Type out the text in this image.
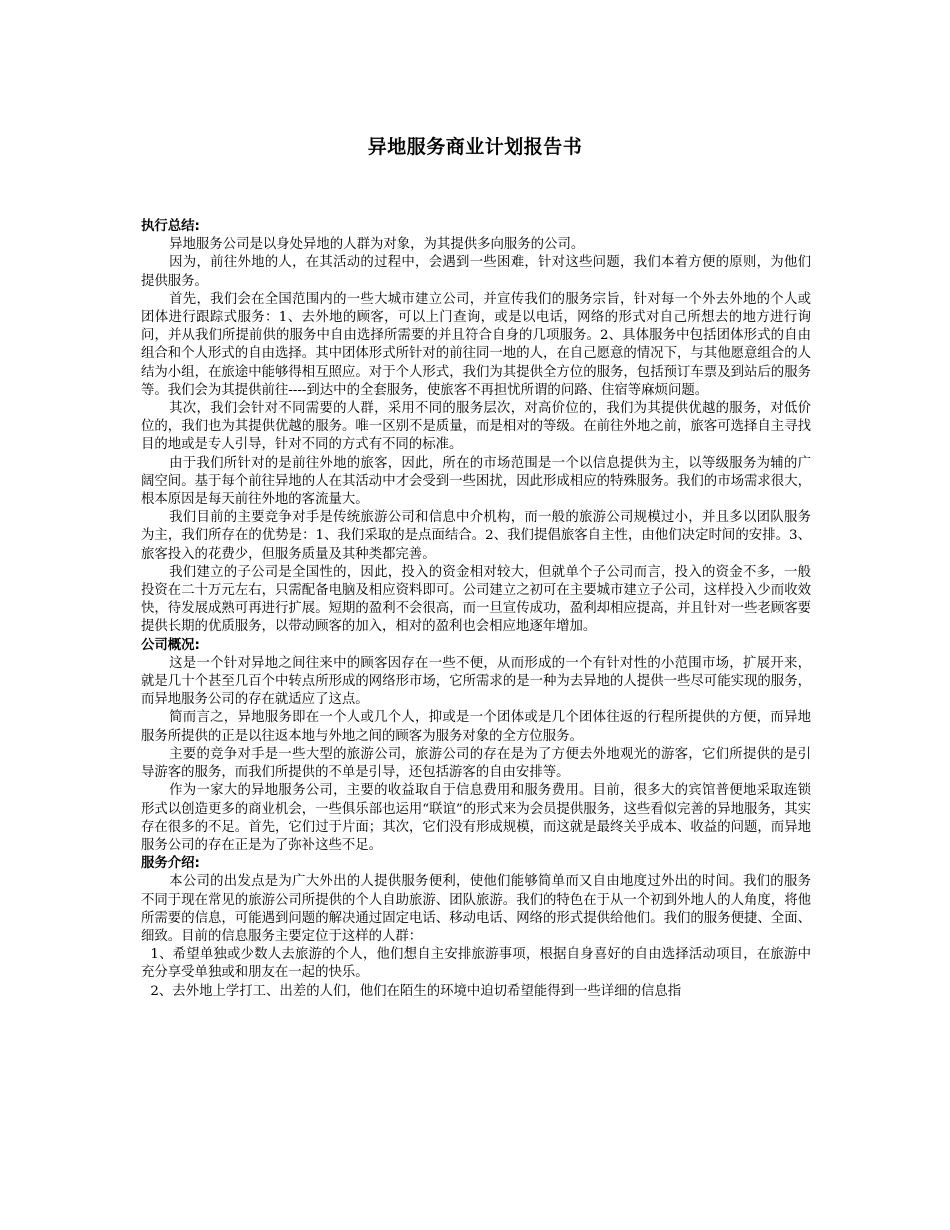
异地服务商业计划报告书

执行总结:

异地服务公司是以身处异地的人群为对象，为其提供多向服务的公司。

因为，前往外地的人，在其活动的过程中，会遇到一些困难，针对这些问题，我们本着方便的原则，为他们提供服务。

首先，我们会在全国范围内的一些大城市建立公司，并宣传我们的服务宗旨，针对每一个外去外地的个人或团体进行跟踪式服务：1、去外地的顾客，可以上门查询，或是以电话，网络的形式对自己所想去的地方进行询问，并从我们所提前供的服务中自由选择所需要的并且符合自身的几项服务。2、具体服务中包括团体形式的自由组合和个人形式的自由选择。其中团体形式所针对的前往同一地的人，在自己愿意的情况下，与其他愿意组合的人结为小组，在旅途中能够得相互照应。对于个人形式，我们为其提供全方位的服务，包括预订车票及到站后的服务等。我们会为其提供前往----到达中的全套服务，使旅客不再担忧所谓的问路、住宿等麻烦问题。

其次，我们会针对不同需要的人群，采用不同的服务层次，对高价位的，我们为其提供优越的服务，对低价位的，我们也为其提供优越的服务。唯一区别不是质量，而是相对的等级。在前往外地之前，旅客可选择自主寻找目的地或是专人引导，针对不同的方式有不同的标准。

由于我们所针对的是前往外地的旅客，因此，所在的市场范围是一个以信息提供为主，以等级服务为辅的广阔空间。基于每个前往异地的人在其活动中才会受到一些困扰，因此形成相应的特殊服务。我们的市场需求很大，根本原因是每天前往外地的客流量大。

我们目前的主要竞争对手是传统旅游公司和信息中介机构，而一般的旅游公司规模过小，并且多以团队服务为主，我们所存在的优势是：1、我们采取的是点面结合。2、我们提倡旅客自主性，由他们决定时间的安排。3、旅客投入的花费少，但服务质量及其种类都完善。

我们建立的子公司是全国性的，因此，投入的资金相对较大，但就单个子公司而言，投入的资金不多，一般投资在二十万元左右，只需配备电脑及相应资料即可。公司建立之初可在主要城市建立子公司，这样投入少而收效快，待发展成熟可再进行扩展。短期的盈利不会很高，而一旦宣传成功，盈利却相应提高，并且针对一些老顾客要提供长期的优质服务，以带动顾客的加入，相对的盈利也会相应地逐年增加。

公司概况:

这是一个针对异地之间往来中的顾客因存在一些不便，从而形成的一个有针对性的小范围市场，扩展开来，就是几十个甚至几百个中转点所形成的网络形市场，它所需求的是一种为去异地的人提供一些尽可能实现的服务，而异地服务公司的存在就适应了这点。

简而言之，异地服务即在一个人或几个人，抑或是一个团体或是几个团体往返的行程所提供的方便，而异地服务所提供的正是以往返本地与外地之间的顾客为服务对象的全方位服务。

主要的竞争对手是一些大型的旅游公司，旅游公司的存在是为了方便去外地观光的游客，它们所提供的是引导游客的服务，而我们所提供的不单是引导，还包括游客的自由安排等。

作为一家大的异地服务公司，主要的收益取自于信息费用和服务费用。目前，很多大的宾馆普便地采取连锁形式以创造更多的商业机会，一些俱乐部也运用“联谊”的形式来为会员提供服务，这些看似完善的异地服务，其实存在很多的不足。首先，它们过于片面；其次，它们没有形成规模，而这就是最终关乎成本、收益的问题，而异地服务公司的存在正是为了弥补这些不足。

服务介绍:

本公司的出发点是为广大外出的人提供服务便利，使他们能够简单而又自由地度过外出的时间。我们的服务不同于现在常见的旅游公司所提供的个人自助旅游、团队旅游。我们的特色在于从一个初到外地人的人角度，将他所需要的信息，可能遇到问题的解决通过固定电话、移动电话、网络的形式提供给他们。我们的服务便捷、全面、细致。目前的信息服务主要定位于这样的人群：

1、希望单独或少数人去旅游的个人，他们想自主安排旅游事项，根据自身喜好的自由选择活动项目，在旅游中充分享受单独或和朋友在一起的快乐。

2、去外地上学打工、出差的人们，他们在陌生的环境中迫切希望能得到一些详细的信息指
